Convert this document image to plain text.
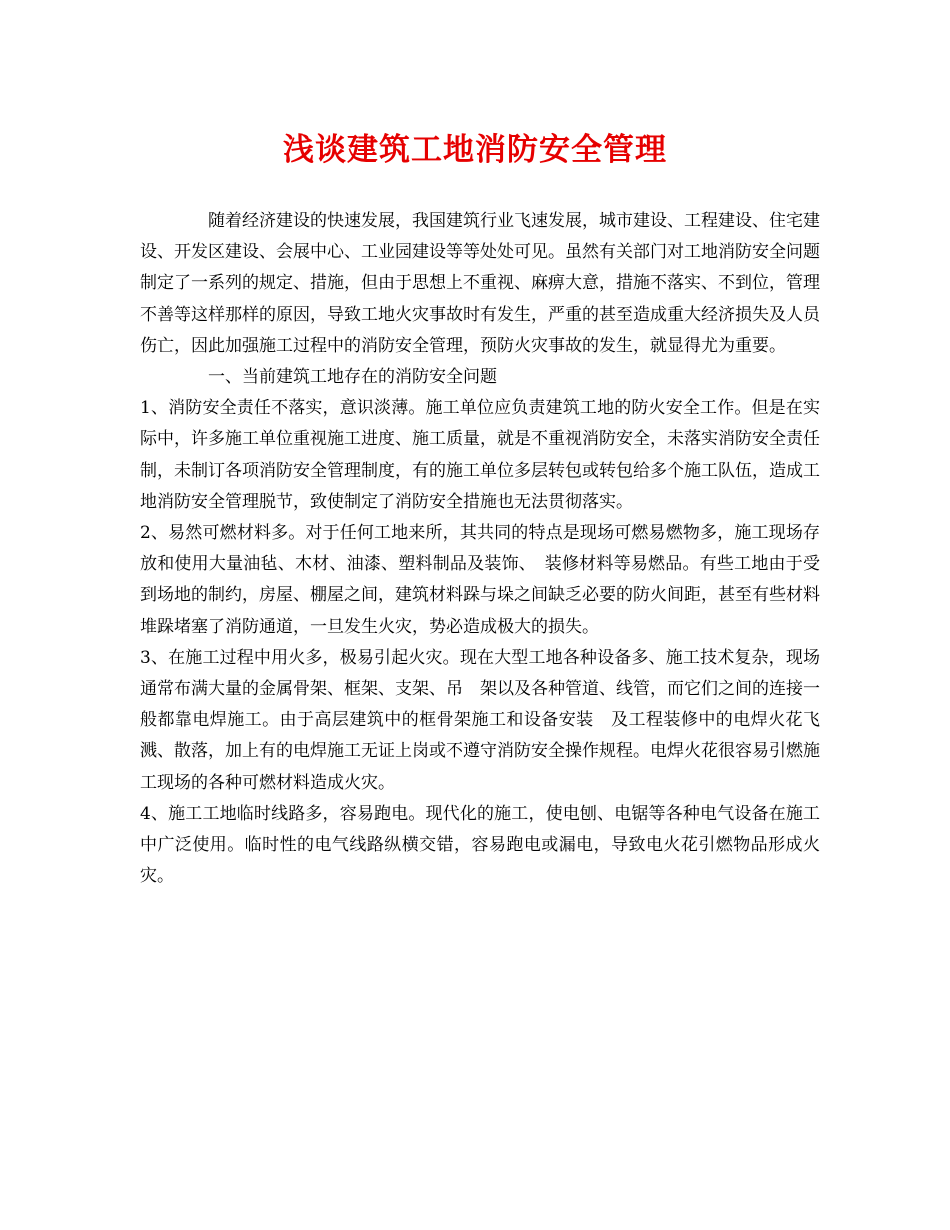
浅谈建筑工地消防安全管理

随着经济建设的快速发展，我国建筑行业飞速发展，城市建设、工程建设、住宅建设、开发区建设、会展中心、工业园建设等等处处可见。虽然有关部门对工地消防安全问题制定了一系列的规定、措施，但由于思想上不重视、麻痹大意，措施不落实、不到位，管理不善等这样那样的原因，导致工地火灾事故时有发生，严重的甚至造成重大经济损失及人员伤亡，因此加强施工过程中的消防安全管理，预防火灾事故的发生，就显得尤为重要。

一、当前建筑工地存在的消防安全问题

1、消防安全责任不落实，意识淡薄。施工单位应负责建筑工地的防火安全工作。但是在实际中，许多施工单位重视施工进度、施工质量，就是不重视消防安全，未落实消防安全责任制，未制订各项消防安全管理制度，有的施工单位多层转包或转包给多个施工队伍，造成工地消防安全管理脱节，致使制定了消防安全措施也无法贯彻落实。

2、易然可燃材料多。对于任何工地来所，其共同的特点是现场可燃易燃物多，施工现场存放和使用大量油毡、木材、油漆、塑料制品及装饰、　装修材料等易燃品。有些工地由于受到场地的制约，房屋、棚屋之间，建筑材料跺与垛之间缺乏必要的防火间距，甚至有些材料堆跺堵塞了消防通道，一旦发生火灾，势必造成极大的损失。

3、在施工过程中用火多，极易引起火灾。现在大型工地各种设备多、施工技术复杂，现场通常布满大量的金属骨架、框架、支架、吊　架以及各种管道、线管，而它们之间的连接一般都靠电焊施工。由于高层建筑中的框骨架施工和设备安装　及工程装修中的电焊火花飞溅、散落，加上有的电焊施工无证上岗或不遵守消防安全操作规程。电焊火花很容易引燃施工现场的各种可燃材料造成火灾。

4、施工工地临时线路多，容易跑电。现代化的施工，使电刨、电锯等各种电气设备在施工中广泛使用。临时性的电气线路纵横交错，容易跑电或漏电，导致电火花引燃物品形成火灾。
